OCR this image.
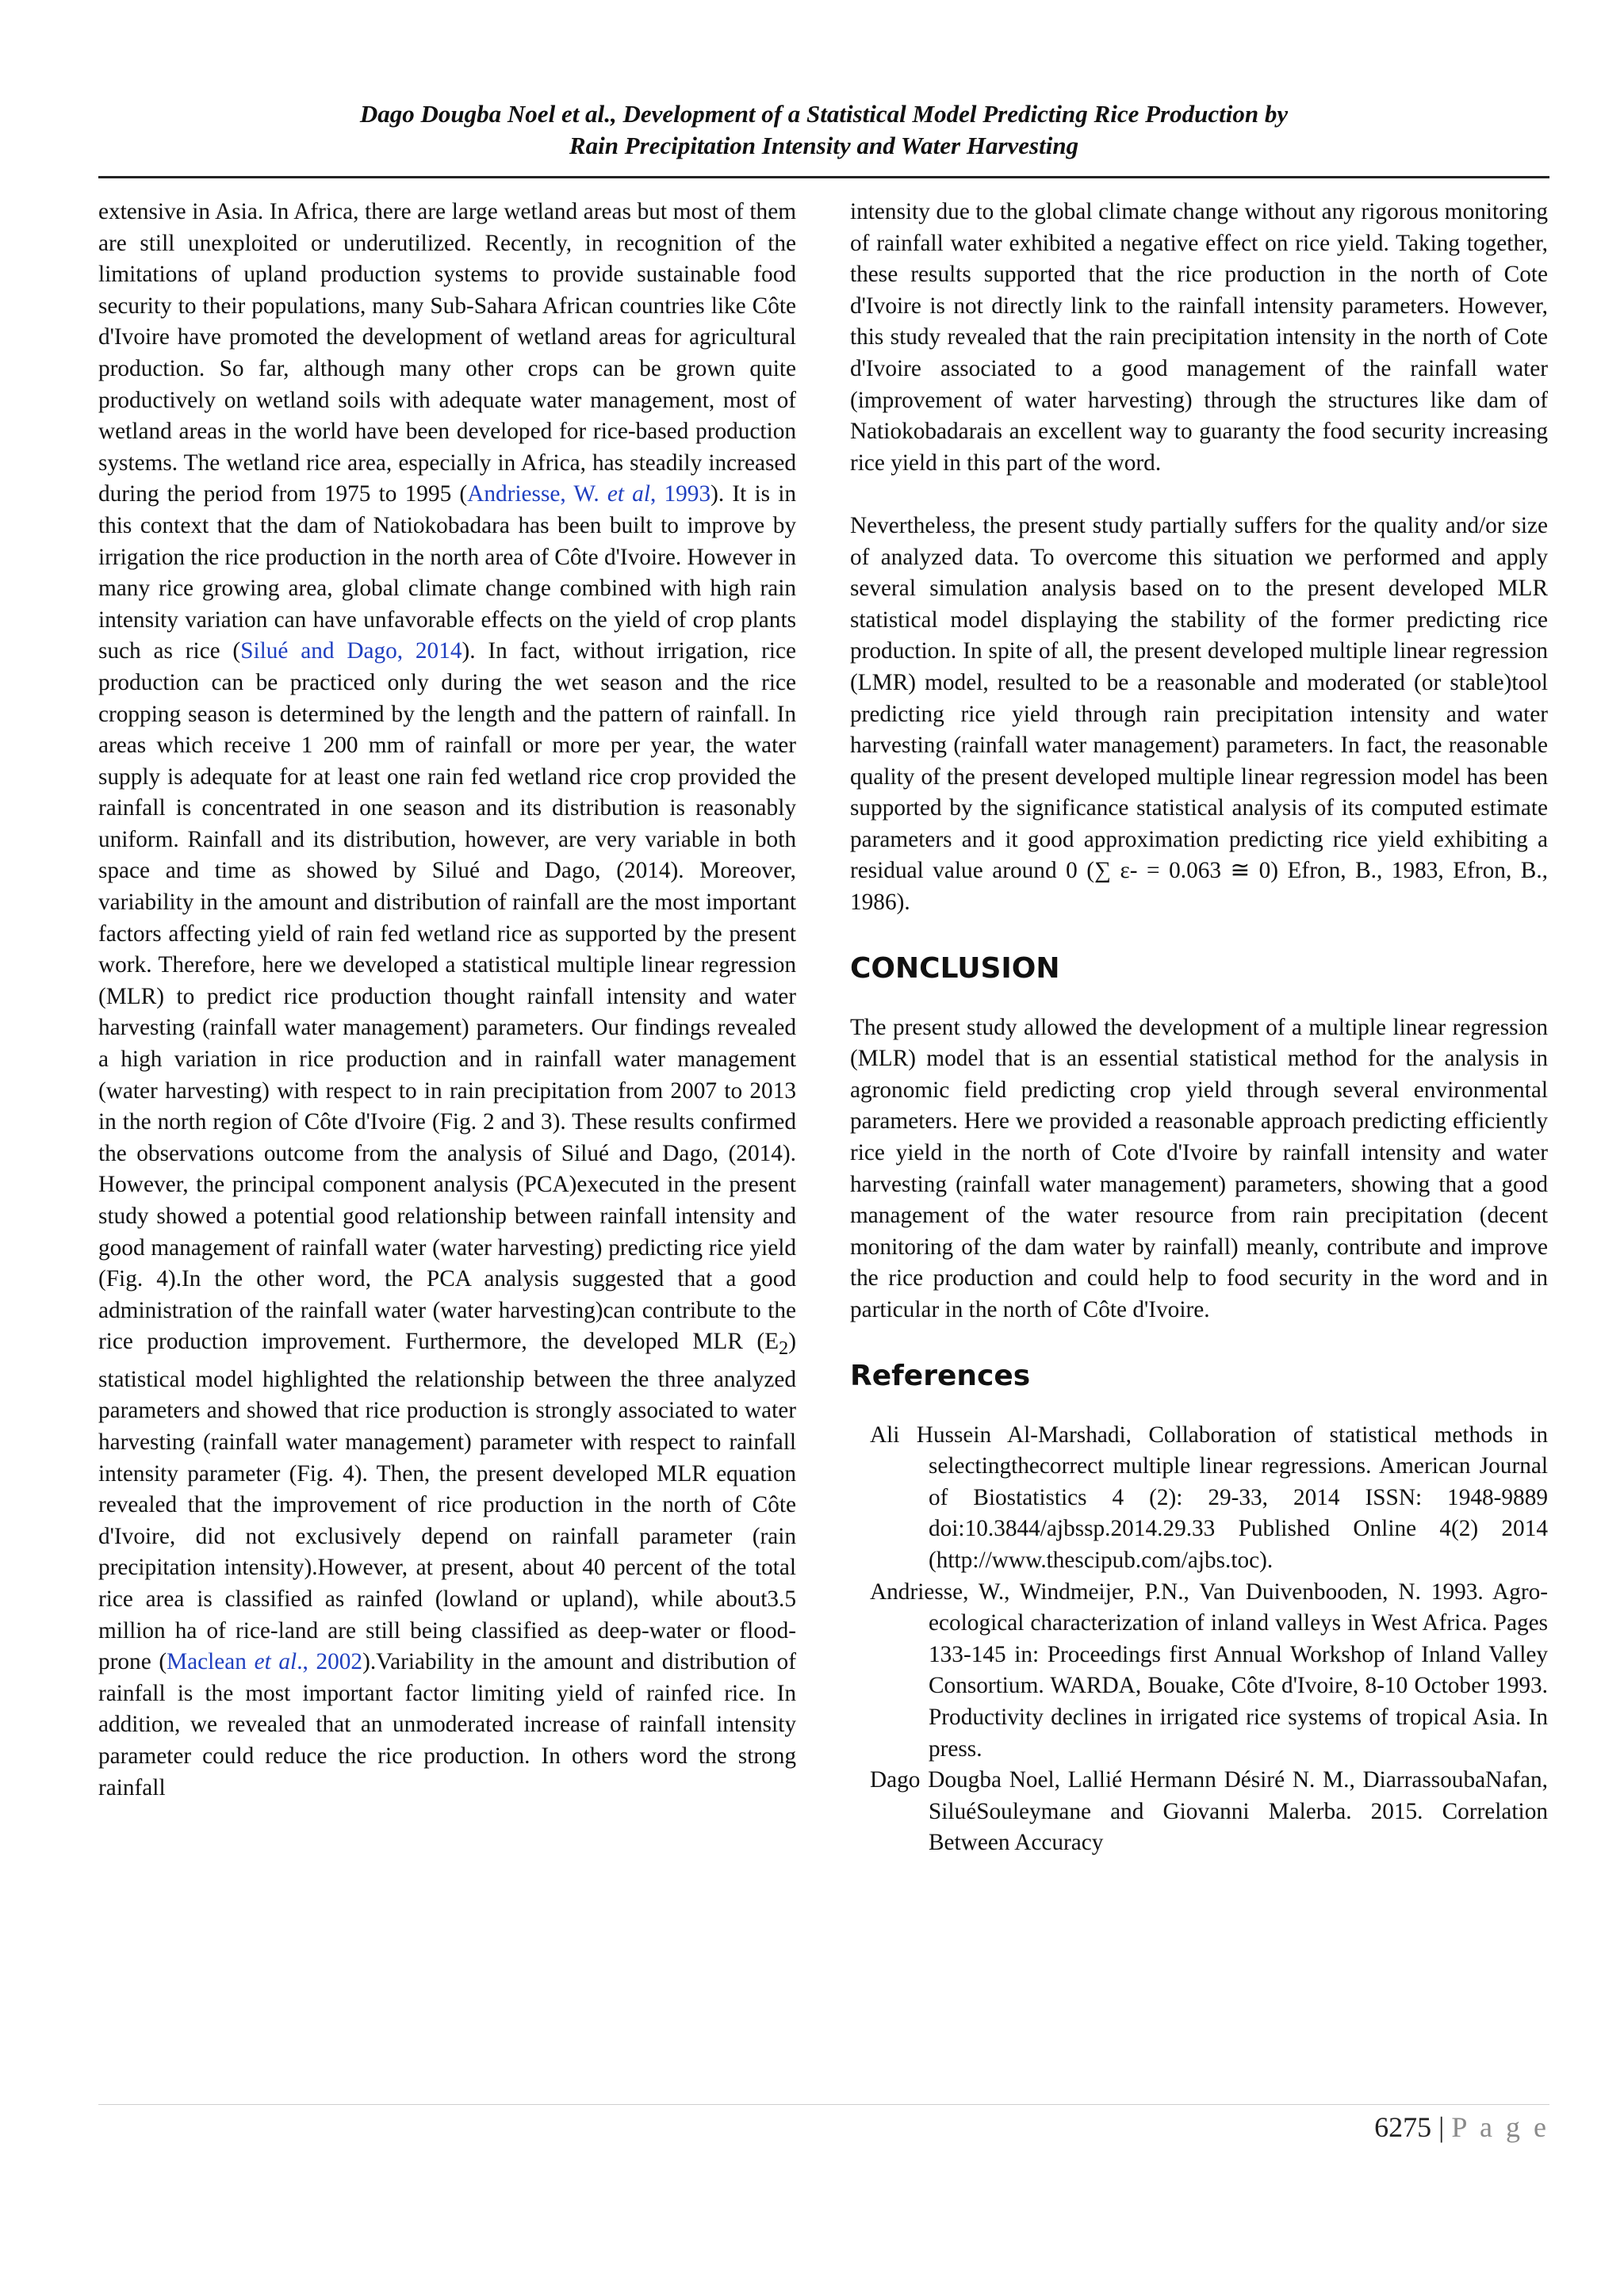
Dago Dougba Noel et al., Development of a Statistical Model Predicting Rice Production by
Rain Precipitation Intensity and Water Harvesting

extensive in Asia. In Africa, there are large wetland areas but most of them are still unexploited or underutilized. Recently, in recognition of the limitations of upland production systems to provide sustainable food security to their populations, many Sub-Sahara African countries like Côte d'Ivoire have promoted the development of wetland areas for agricultural production. So far, although many other crops can be grown quite productively on wetland soils with adequate water management, most of wetland areas in the world have been developed for rice-based production systems. The wetland rice area, especially in Africa, has steadily increased during the period from 1975 to 1995 (Andriesse, W. et al, 1993). It is in this context that the dam of Natiokobadara has been built to improve by irrigation the rice production in the north area of Côte d'Ivoire. However in many rice growing area, global climate change combined with high rain intensity variation can have unfavorable effects on the yield of crop plants such as rice (Silué and Dago, 2014). In fact, without irrigation, rice production can be practiced only during the wet season and the rice cropping season is determined by the length and the pattern of rainfall. In areas which receive 1 200 mm of rainfall or more per year, the water supply is adequate for at least one rain fed wetland rice crop provided the rainfall is concentrated in one season and its distribution is reasonably uniform. Rainfall and its distribution, however, are very variable in both space and time as showed by Silué and Dago, (2014). Moreover, variability in the amount and distribution of rainfall are the most important factors affecting yield of rain fed wetland rice as supported by the present work. Therefore, here we developed a statistical multiple linear regression (MLR) to predict rice production thought rainfall intensity and water harvesting (rainfall water management) parameters. Our findings revealed a high variation in rice production and in rainfall water management (water harvesting) with respect to in rain precipitation from 2007 to 2013 in the north region of Côte d'Ivoire (Fig. 2 and 3). These results confirmed the observations outcome from the analysis of Silué and Dago, (2014). However, the principal component analysis (PCA)executed in the present study showed a potential good relationship between rainfall intensity and good management of rainfall water (water harvesting) predicting rice yield (Fig. 4).In the other word, the PCA analysis suggested that a good administration of the rainfall water (water harvesting)can contribute to the rice production improvement. Furthermore, the developed MLR $(E_2)$ statistical model highlighted the relationship between the three analyzed parameters and showed that rice production is strongly associated to water harvesting (rainfall water management) parameter with respect to rainfall intensity parameter (Fig. 4). Then, the present developed MLR equation revealed that the improvement of rice production in the north of Côte d'Ivoire, did not exclusively depend on rainfall parameter (rain precipitation intensity).However, at present, about 40 percent of the total rice area is classified as rainfed (lowland or upland), while about3.5 million ha of rice-land are still being classified as deep-water or flood-prone (Maclean et al., 2002).Variability in the amount and distribution of rainfall is the most important factor limiting yield of rainfed rice. In addition, we revealed that an unmoderated increase of rainfall intensity parameter could reduce the rice production. In others word the strong rainfall

intensity due to the global climate change without any rigorous monitoring of rainfall water exhibited a negative effect on rice yield. Taking together, these results supported that the rice production in the north of Cote d'Ivoire is not directly link to the rainfall intensity parameters. However, this study revealed that the rain precipitation intensity in the north of Cote d'Ivoire associated to a good management of the rainfall water (improvement of water harvesting) through the structures like dam of Natiokobadarais an excellent way to guaranty the food security increasing rice yield in this part of the word.

Nevertheless, the present study partially suffers for the quality and/or size of analyzed data. To overcome this situation we performed and apply several simulation analysis based on to the present developed MLR statistical model displaying the stability of the former predicting rice production. In spite of all, the present developed multiple linear regression (LMR) model, resulted to be a reasonable and moderated (or stable)tool predicting rice yield through rain precipitation intensity and water harvesting (rainfall water management) parameters. In fact, the reasonable quality of the present developed multiple linear regression model has been supported by the significance statistical analysis of its computed estimate parameters and it good approximation predicting rice yield exhibiting a residual value around 0 (∑ ε- = 0.063 ≅ 0) Efron, B., 1983, Efron, B., 1986).

CONCLUSION

The present study allowed the development of a multiple linear regression (MLR) model that is an essential statistical method for the analysis in agronomic field predicting crop yield through several environmental parameters. Here we provided a reasonable approach predicting efficiently rice yield in the north of Cote d'Ivoire by rainfall intensity and water harvesting (rainfall water management) parameters, showing that a good management of the water resource from rain precipitation (decent monitoring of the dam water by rainfall) meanly, contribute and improve the rice production and could help to food security in the word and in particular in the north of Côte d'Ivoire.

References

Ali Hussein Al-Marshadi, Collaboration of statistical methods in selectingthecorrect multiple linear regressions. American Journal of Biostatistics 4 (2): 29-33, 2014 ISSN: 1948-9889 doi:10.3844/ajbssp.2014.29.33 Published Online 4(2) 2014 (http://www.thescipub.com/ajbs.toc).

Andriesse, W., Windmeijer, P.N., Van Duivenbooden, N. 1993. Agro-ecological characterization of inland valleys in West Africa. Pages 133-145 in: Proceedings first Annual Workshop of Inland Valley Consortium. WARDA, Bouake, Côte d'Ivoire, 8-10 October 1993. Productivity declines in irrigated rice systems of tropical Asia. In press.

Dago Dougba Noel, Lallié Hermann Désiré N. M., DiarrassoubaNafan, SiluéSouleymane and Giovanni Malerba. 2015. Correlation Between Accuracy

6275 | P a g e
